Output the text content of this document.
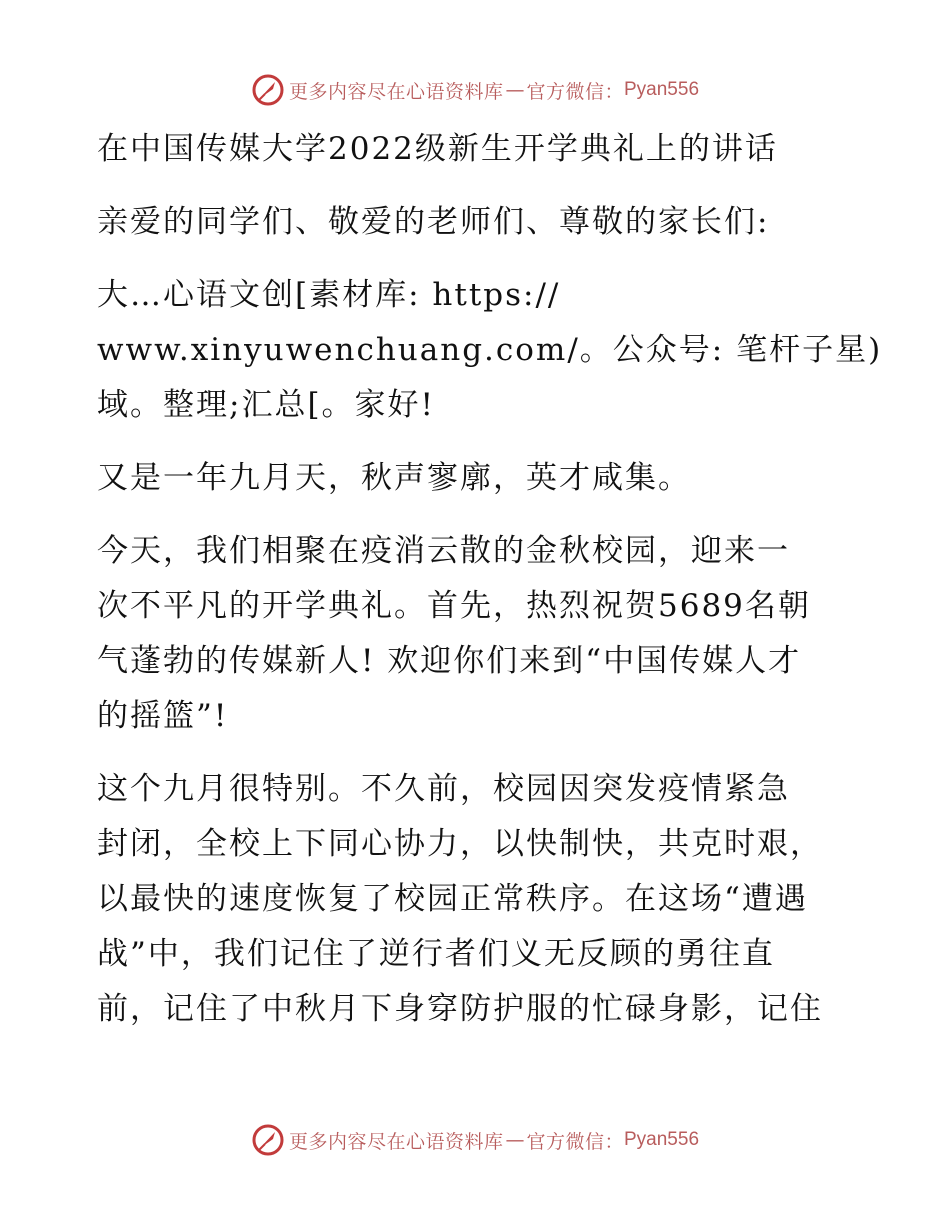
更多内容尽在心语资料库 — 官方微信： Pyan556
在中国传媒大学2022级新生开学典礼上的讲话
亲爱的同学们、敬爱的老师们、尊敬的家长们:
大…心语文创[素材库: https://
www.xinyuwenchuang.com/。公众号: 笔杆子星)
域。整理;汇总[。家好!
又是一年九月天，秋声寥廓，英才咸集。
今天，我们相聚在疫消云散的金秋校园，迎来一
次不平凡的开学典礼。首先，热烈祝贺5689名朝
气蓬勃的传媒新人! 欢迎你们来到“中国传媒人才
的摇篮”!
这个九月很特别。不久前，校园因突发疫情紧急
封闭，全校上下同心协力，以快制快，共克时艰，
以最快的速度恢复了校园正常秩序。在这场“遭遇
战”中，我们记住了逆行者们义无反顾的勇往直
前，记住了中秋月下身穿防护服的忙碌身影，记住
更多内容尽在心语资料库 — 官方微信： Pyan556
